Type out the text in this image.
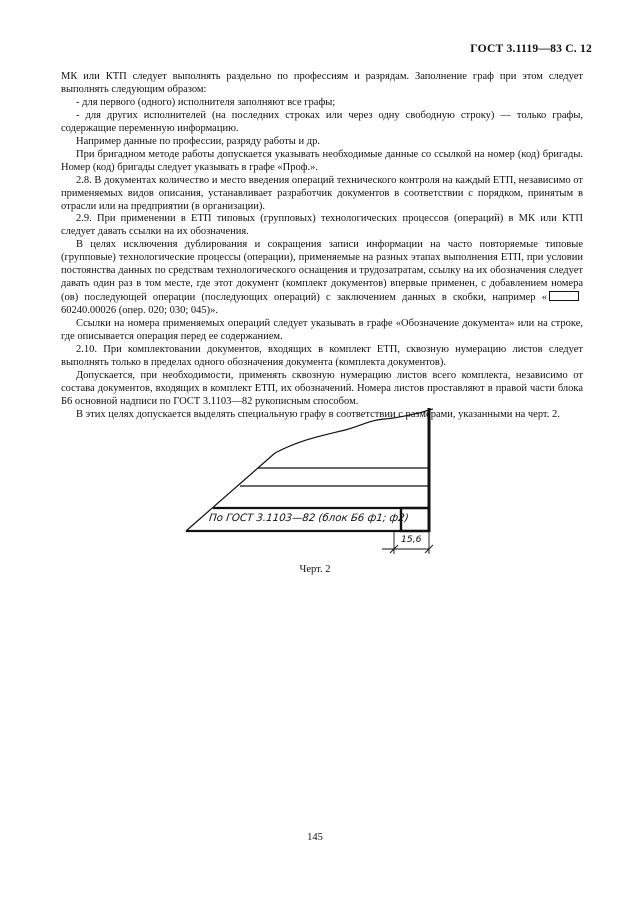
ГОСТ 3.1119—83 С. 12

МК или КТП следует выполнять раздельно по профессиям и разрядам. Заполнение граф при этом следует выполнять следующим образом:

- для первого (одного) исполнителя заполняют все графы;

- для других исполнителей (на последних строках или через одну свободную строку) — только графы, содержащие переменную информацию.

Например данные по профессии, разряду работы и др.

При бригадном методе работы допускается указывать необходимые данные со ссылкой на номер (код) бригады. Номер (код) бригады следует указывать в графе «Проф.».

2.8. В документах количество и место введения операций технического контроля на каждый ЕТП, независимо от применяемых видов описания, устанавливает разработчик документов в соответствии с порядком, принятым в отрасли или на предприятии (в организации).

2.9. При применении в ЕТП типовых (групповых) технологических процессов (операций) в МК или КТП следует давать ссылки на их обозначения.

В целях исключения дублирования и сокращения записи информации на часто повторяемые типовые (групповые) технологические процессы (операции), применяемые на разных этапах выполнения ЕТП, при условии постоянства данных по средствам технологического оснащения и трудозатратам, ссылку на их обозначения следует давать один раз в том месте, где этот документ (комплект документов) впервые применен, с добавлением номера (ов) последующей операции (последующих операций) с заключением данных в скобки, например «60240.00026 (опер. 020; 030; 045)».

Ссылки на номера применяемых операций следует указывать в графе «Обозначение документа» или на строке, где описывается операция перед ее содержанием.

2.10. При комплектовании документов, входящих в комплект ЕТП, сквозную нумерацию листов следует выполнять только в пределах одного обозначения документа (комплекта документов).

Допускается, при необходимости, применять сквозную нумерацию листов всего комплекта, независимо от состава документов, входящих в комплект ЕТП, их обозначений. Номера листов проставляют в правой части блока Б6 основной надписи по ГОСТ 3.1103—82 рукописным способом.

В этих целях допускается выделять специальную графу в соответствии с размерами, указанными на черт. 2.

По ГОСТ 3.1103—82 (блок Б6 ф1; ф2)
15,6
Черт. 2
145
